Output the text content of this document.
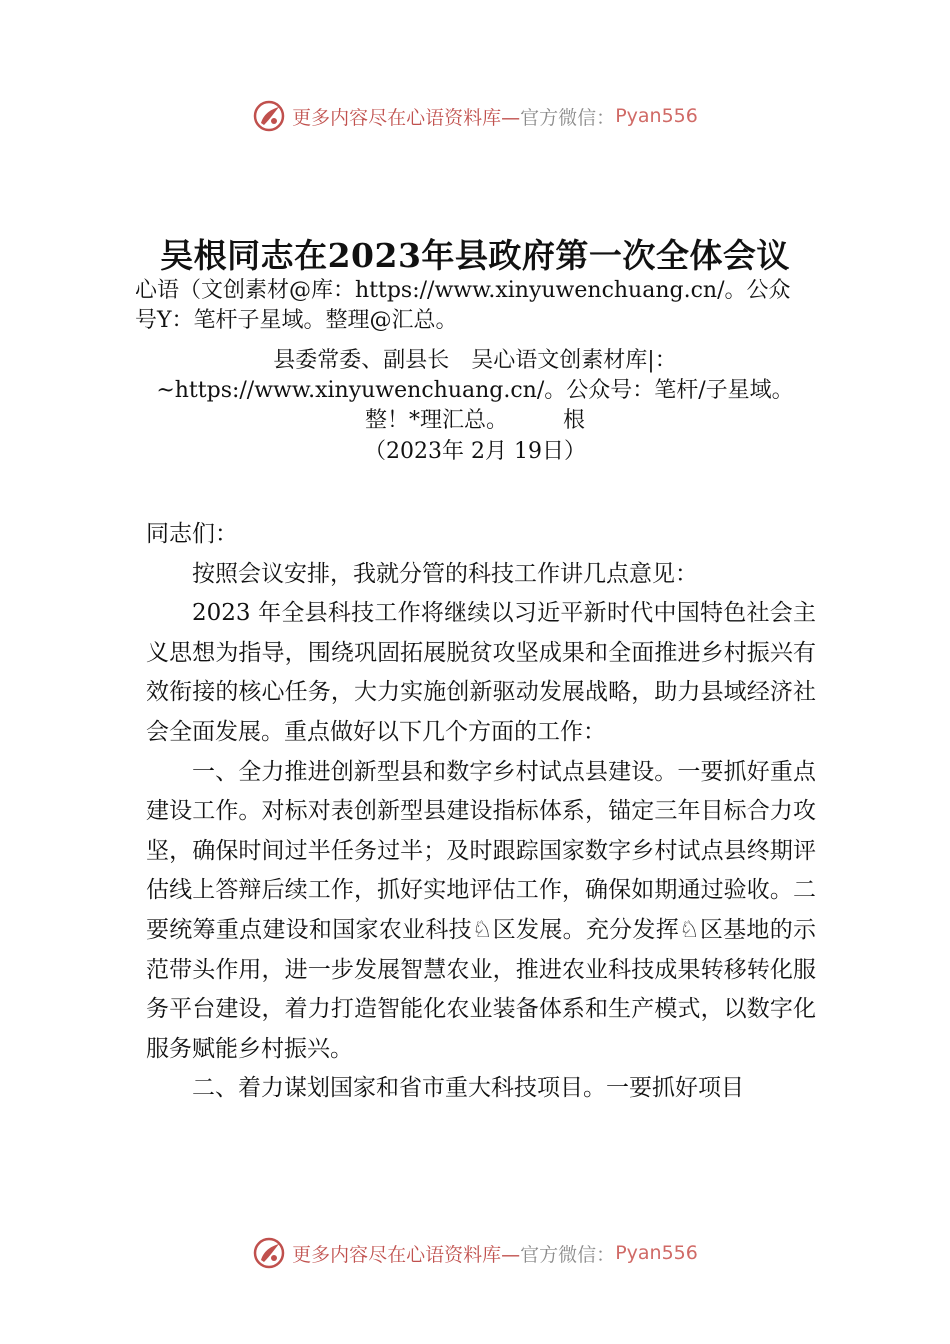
更多内容尽在心语资料库— 官方微信： Pyan556
吴根同志在2023年县政府第一次全体会议
心语（文创素材@库：https://www.xinyuwenchuang.cn/。公众
号Y：笔杆子星域。整理@汇总。
县委常委、副县长　吴心语文创素材库|：
~https://www.xinyuwenchuang.cn/。公众号：笔杆/子星域。
整！*理汇总。　　　根
（2023年 2月 19日）

同志们：

按照会议安排，我就分管的科技工作讲几点意见：

2023 年全县科技工作将继续以习近平新时代中国特色社会主义思想为指导，围绕巩固拓展脱贫攻坚成果和全面推进乡村振兴有效衔接的核心任务，大力实施创新驱动发展战略，助力县域经济社会全面发展。重点做好以下几个方面的工作：

一、全力推进创新型县和数字乡村试点县建设。一要抓好重点建设工作。对标对表创新型县建设指标体系，锚定三年目标合力攻坚，确保时间过半任务过半；及时跟踪国家数字乡村试点县终期评估线上答辩后续工作，抓好实地评估工作，确保如期通过验收。二要统筹重点建设和国家农业科技♘区发展。充分发挥♘区基地的示范带头作用，进一步发展智慧农业，推进农业科技成果转移转化服务平台建设，着力打造智能化农业装备体系和生产模式，以数字化服务赋能乡村振兴。

二、着力谋划国家和省市重大科技项目。一要抓好项目

更多内容尽在心语资料库— 官方微信： Pyan556
